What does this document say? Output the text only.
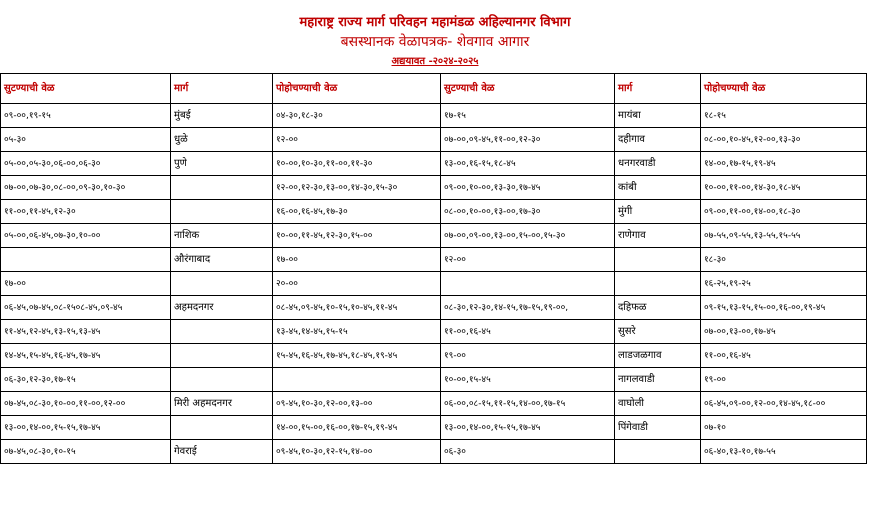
महाराष्ट्र राज्य मार्ग परिवहन महामंडळ अहिल्यानगर विभाग
बसस्थानक वेळापत्रक- शेवगाव आगार
अद्ययावत -२०२४-२०२५
सुटण्याची वेळ	मार्ग	पोहोचण्याची वेळ	सुटण्याची वेळ	मार्ग	पोहोचण्याची वेळ
०९-००,१९-१५	मुंबई	०४-३०,१८-३०	१७-१५	मायंबा	१८-१५
०५-३०	धुळे	१२-००	०७-००,०९-४५,११-००,१२-३०	दहीगाव	०८-००,१०-४५,१२-००,१३-३०
०५-००,०५-३०,०६-००,०६-३०	पुणे	१०-००,१०-३०,११-००,११-३०	१३-००,१६-१५,१८-४५	धनगरवाडी	१४-००,१७-१५,१९-४५
०७-००,०७-३०,०८-००,०९-३०,१०-३०		१२-००,१२-३०,१३-००,१४-३०,१५-३०	०९-००,१०-००,१३-३०,१७-४५	कांबी	१०-००,११-००,१४-३०,१८-४५
११-००,११-४५,१२-३०		१६-००,१६-४५,१७-३०	०८-००,१०-००,१३-००,१७-३०	मुंगी	०९-००,११-००,१४-००,१८-३०
०५-००,०६-४५,०७-३०,१०-००	नाशिक	१०-००,११-४५,१२-३०,१५-००	०७-००,०९-००,१३-००,१५-००,१५-३०	राणेगाव	०७-५५,०९-५५,१३-५५,१५-५५
	औरंगाबाद	१७-००	१२-००		१८-३०
१७-००		२०-००			१६-२५,१९-२५
०६-४५,०७-४५,०८-१५०८-४५,०९-४५	अहमदनगर	०८-४५,०९-४५,१०-१५,१०-४५,११-४५	०८-३०,१२-३०,१४-१५,१७-१५,१९-००,	दहिफळ	०९-१५,१३-१५,१५-००,१६-००,१९-४५
११-४५,१२-४५,१३-१५,१३-४५		१३-४५,१४-४५,१५-१५	११-००,१६-४५	सुसरे	०७-००,१३-००,१७-४५
१४-४५,१५-४५,१६-४५,१७-४५		१५-४५,१६-४५,१७-४५,१८-४५,१९-४५	१९-००	लाडजळगाव	११-००,१६-४५
०६-३०,१२-३०,१७-१५			१०-००,१५-४५	नागलवाडी	१९-००
०७-४५,०८-३०,१०-००,११-००,१२-००	मिरी अहमदनगर	०९-४५,१०-३०,१२-००,१३-००	०६-००,०८-१५,११-१५,१४-००,१७-१५	वाघोली	०६-४५,०९-००,१२-००,१४-४५,१८-००
१३-००,१४-००,१५-१५,१७-४५		१४-००,१५-००,१६-००,१७-१५,१९-४५	१३-००,१४-००,१५-१५,१७-४५	पिंगेवाडी	०७-१०
०७-४५,०८-३०,१०-१५	गेवराई	०९-४५,१०-३०,१२-१५,१४-००	०६-३०		०६-४०,१३-१०,१७-५५
